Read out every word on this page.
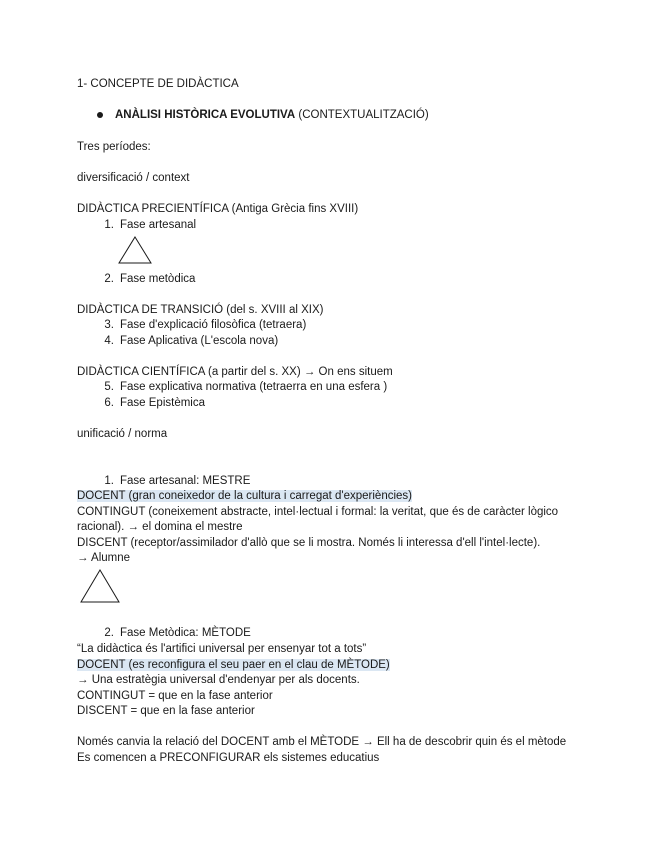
1- CONCEPTE DE DIDÀCTICA
ANÀLISI HISTÒRICA EVOLUTIVA (CONTEXTUALITZACIÓ)
Tres períodes:
diversificació / context
DIDÀCTICA PRECIENTÍFICA (Antiga Grècia fins XVIII)
1. Fase artesanal
2. Fase metòdica
DIDÀCTICA DE TRANSICIÓ (del s. XVIII al XIX)
3. Fase d'explicació filosòfica (tetraera)
4. Fase Aplicativa (L'escola nova)
DIDÀCTICA CIENTÍFICA (a partir del s. XX) → On ens situem
5. Fase explicativa normativa (tetraerra en una esfera )
6. Fase Epistèmica
unificació / norma
1. Fase artesanal: MESTRE
DOCENT (gran coneixedor de la cultura i carregat d'experiències)
CONTINGUT (coneixement abstracte, intel·lectual i formal: la veritat, que és de caràcter lògico
racional). → el domina el mestre
DISCENT (receptor/assimilador d'allò que se li mostra. Només li interessa d'ell l'intel·lecte).
→ Alumne
2. Fase Metòdica: MÈTODE
“La didàctica és l'artifici universal per ensenyar tot a tots”
DOCENT (es reconfigura el seu paer en el clau de MÈTODE)
→ Una estratègia universal d'endenyar per als docents.
CONTINGUT = que en la fase anterior
DISCENT = que en la fase anterior
Només canvia la relació del DOCENT amb el MÈTODE → Ell ha de descobrir quin és el mètode
Es comencen a PRECONFIGURAR els sistemes educatius
